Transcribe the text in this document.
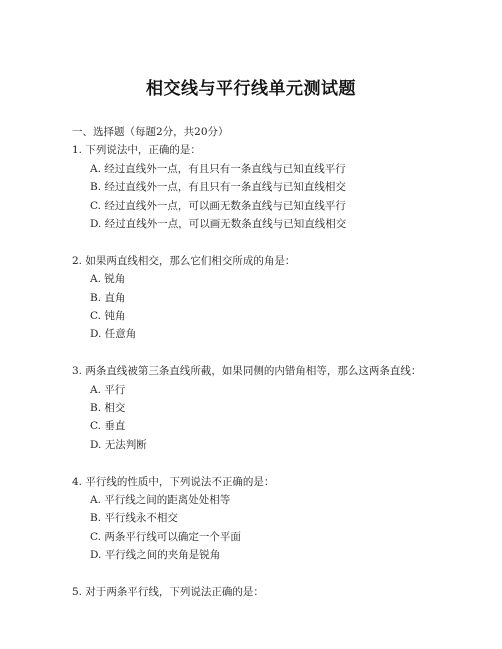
相交线与平行线单元测试题
一、选择题（每题2分，共20分）
1. 下列说法中，正确的是：
A. 经过直线外一点，有且只有一条直线与已知直线平行
B. 经过直线外一点，有且只有一条直线与已知直线相交
C. 经过直线外一点，可以画无数条直线与已知直线平行
D. 经过直线外一点，可以画无数条直线与已知直线相交
2. 如果两直线相交，那么它们相交所成的角是：
A. 锐角
B. 直角
C. 钝角
D. 任意角
3. 两条直线被第三条直线所截，如果同侧的内错角相等，那么这两条直线：
A. 平行
B. 相交
C. 垂直
D. 无法判断
4. 平行线的性质中，下列说法不正确的是：
A. 平行线之间的距离处处相等
B. 平行线永不相交
C. 两条平行线可以确定一个平面
D. 平行线之间的夹角是锐角
5. 对于两条平行线，下列说法正确的是：
